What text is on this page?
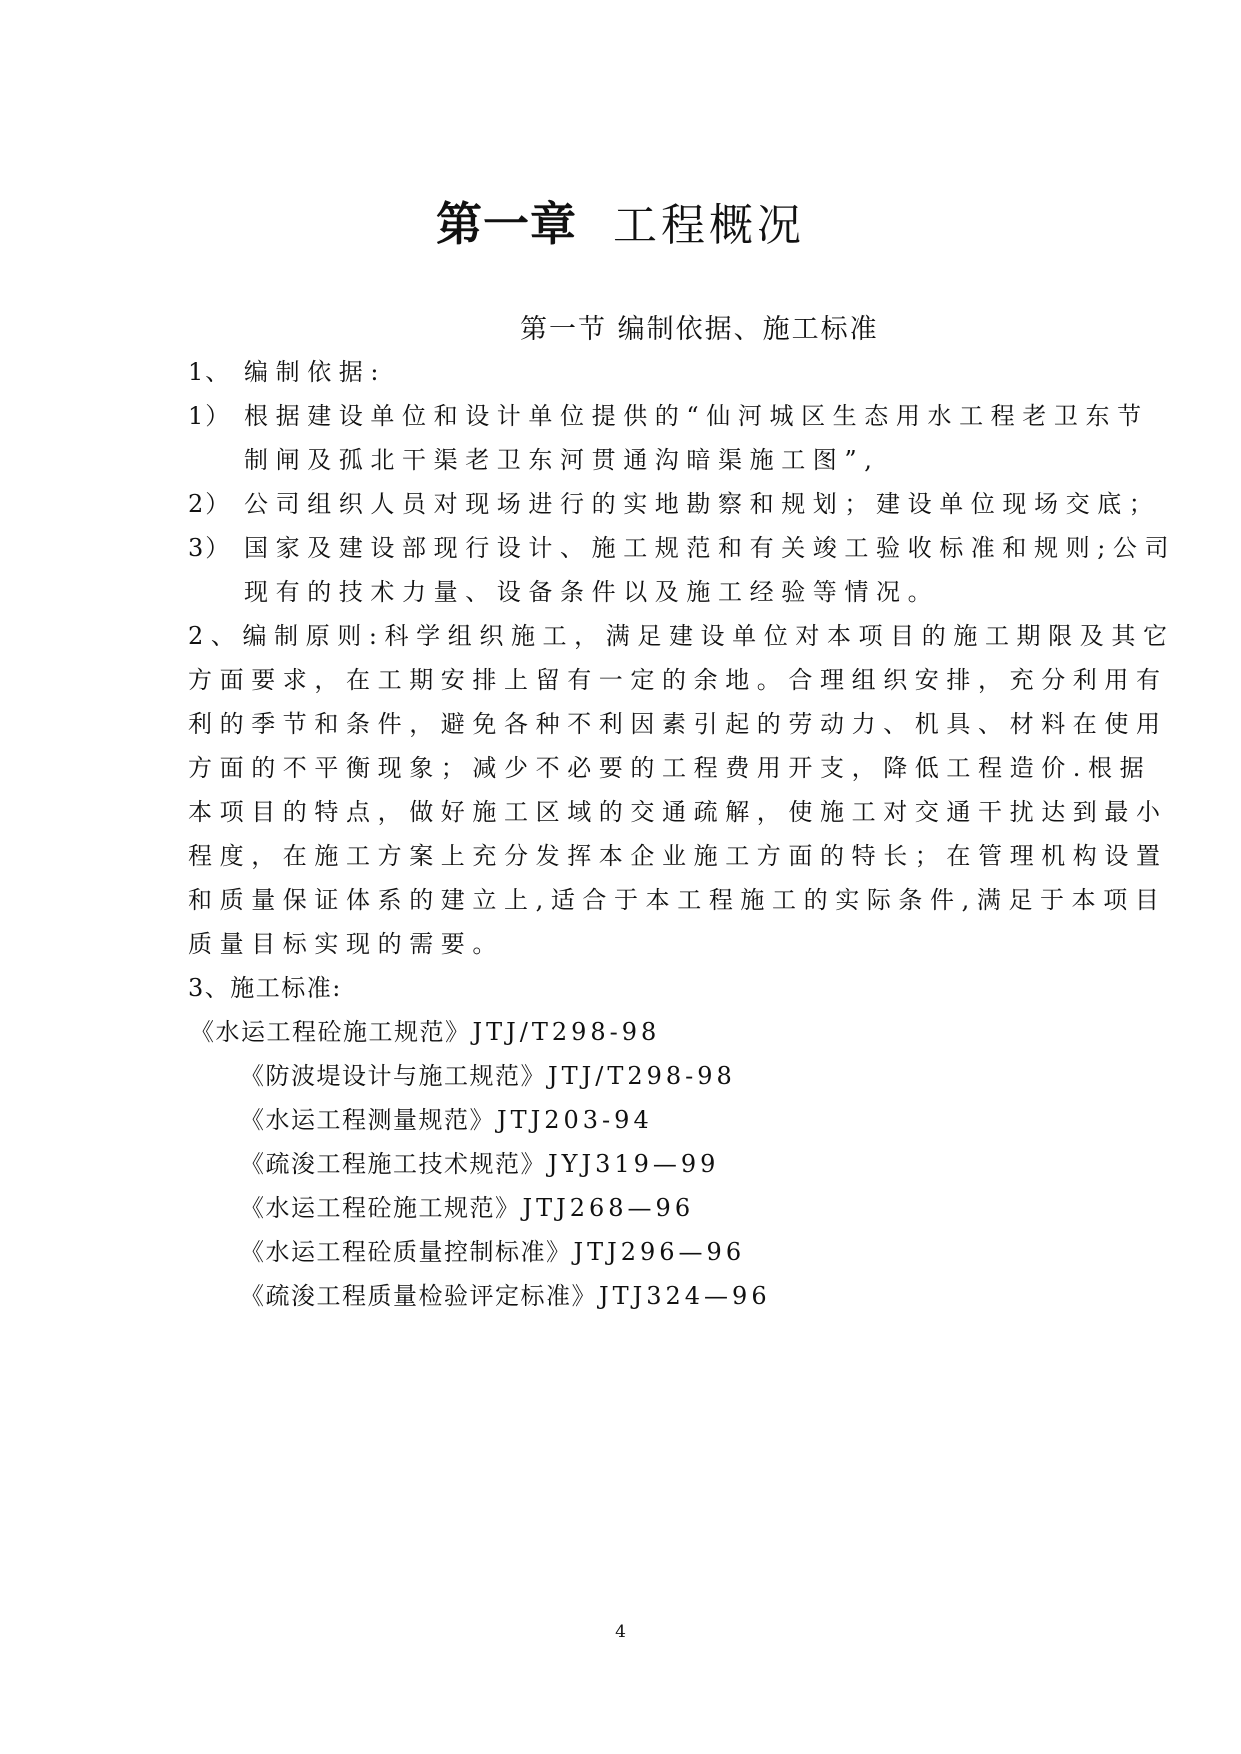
第一章 工程概况
第一节 编制依据、施工标准
1、 编制依据:
1） 根据建设单位和设计单位提供的“仙河城区生态用水工程老卫东节
制闸及孤北干渠老卫东河贯通沟暗渠施工图”,
2） 公司组织人员对现场进行的实地勘察和规划；建设单位现场交底；
3） 国家及建设部现行设计、施工规范和有关竣工验收标准和规则;公司
现有的技术力量、设备条件以及施工经验等情况。
2、编制原则:科学组织施工，满足建设单位对本项目的施工期限及其它
方面要求，在工期安排上留有一定的余地。合理组织安排，充分利用有
利的季节和条件，避免各种不利因素引起的劳动力、机具、材料在使用
方面的不平衡现象；减少不必要的工程费用开支，降低工程造价.根据
本项目的特点，做好施工区域的交通疏解，使施工对交通干扰达到最小
程度，在施工方案上充分发挥本企业施工方面的特长；在管理机构设置
和质量保证体系的建立上,适合于本工程施工的实际条件,满足于本项目
质量目标实现的需要。
3、施工标准:
《水运工程砼施工规范》JTJ/T298-98
《防波堤设计与施工规范》JTJ/T298-98
《水运工程测量规范》JTJ203-94
《疏浚工程施工技术规范》JYJ319—99
《水运工程砼施工规范》JTJ268—96
《水运工程砼质量控制标准》JTJ296—96
《疏浚工程质量检验评定标准》JTJ324—96
4
